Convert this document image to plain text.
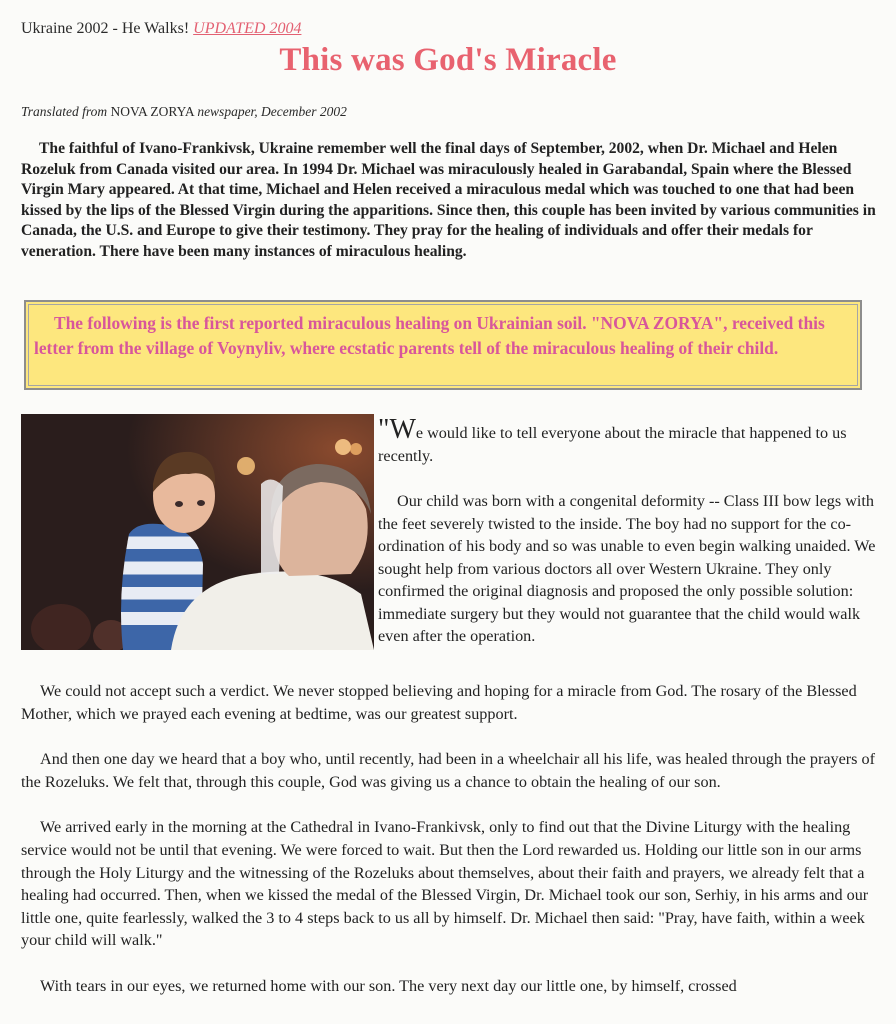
Ukraine 2002 - He Walks! UPDATED 2004
This was God's Miracle
Translated from NOVA ZORYA newspaper, December 2002

The faithful of Ivano-Frankivsk, Ukraine remember well the final days of September, 2002, when Dr. Michael and Helen Rozeluk from Canada visited our area. In 1994 Dr. Michael was miraculously healed in Garabandal, Spain where the Blessed Virgin Mary appeared. At that time, Michael and Helen received a miraculous medal which was touched to one that had been kissed by the lips of the Blessed Virgin during the apparitions. Since then, this couple has been invited by various communities in Canada, the U.S. and Europe to give their testimony. They pray for the healing of individuals and offer their medals for veneration. There have been many instances of miraculous healing.

The following is the first reported miraculous healing on Ukrainian soil. "NOVA ZORYA", received this letter from the village of Voynyliv, where ecstatic parents tell of the miraculous healing of their child.

"We would like to tell everyone about the miracle that happened to us recently.

Our child was born with a congenital deformity -- Class III bow legs with the feet severely twisted to the inside. The boy had no support for the co-ordination of his body and so was unable to even begin walking unaided. We sought help from various doctors all over Western Ukraine. They only confirmed the original diagnosis and proposed the only possible solution: immediate surgery but they would not guarantee that the child would walk even after the operation.

We could not accept such a verdict. We never stopped believing and hoping for a miracle from God. The rosary of the Blessed Mother, which we prayed each evening at bedtime, was our greatest support.

And then one day we heard that a boy who, until recently, had been in a wheelchair all his life, was healed through the prayers of the Rozeluks. We felt that, through this couple, God was giving us a chance to obtain the healing of our son.

We arrived early in the morning at the Cathedral in Ivano-Frankivsk, only to find out that the Divine Liturgy with the healing service would not be until that evening. We were forced to wait. But then the Lord rewarded us. Holding our little son in our arms through the Holy Liturgy and the witnessing of the Rozeluks about themselves, about their faith and prayers, we already felt that a healing had occurred. Then, when we kissed the medal of the Blessed Virgin, Dr. Michael took our son, Serhiy, in his arms and our little one, quite fearlessly, walked the 3 to 4 steps back to us all by himself. Dr. Michael then said: "Pray, have faith, within a week your child will walk."

With tears in our eyes, we returned home with our son. The very next day our little one, by himself, crossed
